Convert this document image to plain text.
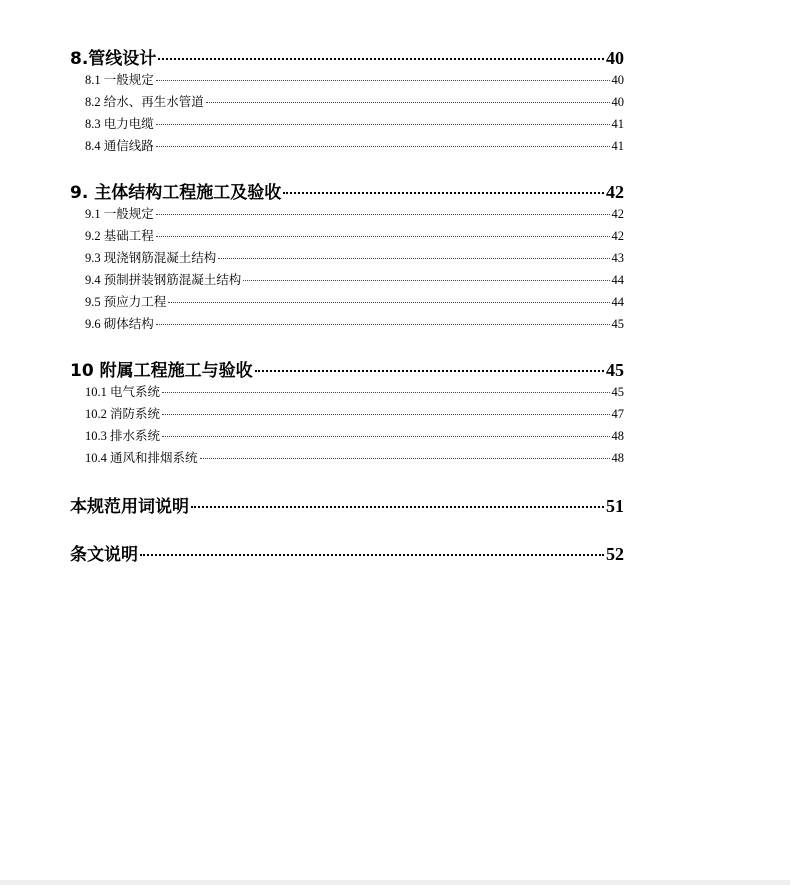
8.管线设计	40
8.1 一般规定	40
8.2 给水、再生水管道	40
8.3 电力电缆	41
8.4 通信线路	41
9. 主体结构工程施工及验收	42
9.1 一般规定	42
9.2 基础工程	42
9.3 现浇钢筋混凝土结构	43
9.4 预制拼装钢筋混凝土结构	44
9.5 预应力工程	44
9.6 砌体结构	45
10 附属工程施工与验收	45
10.1 电气系统	45
10.2 消防系统	47
10.3 排水系统	48
10.4 通风和排烟系统	48
本规范用词说明	51
条文说明	52
